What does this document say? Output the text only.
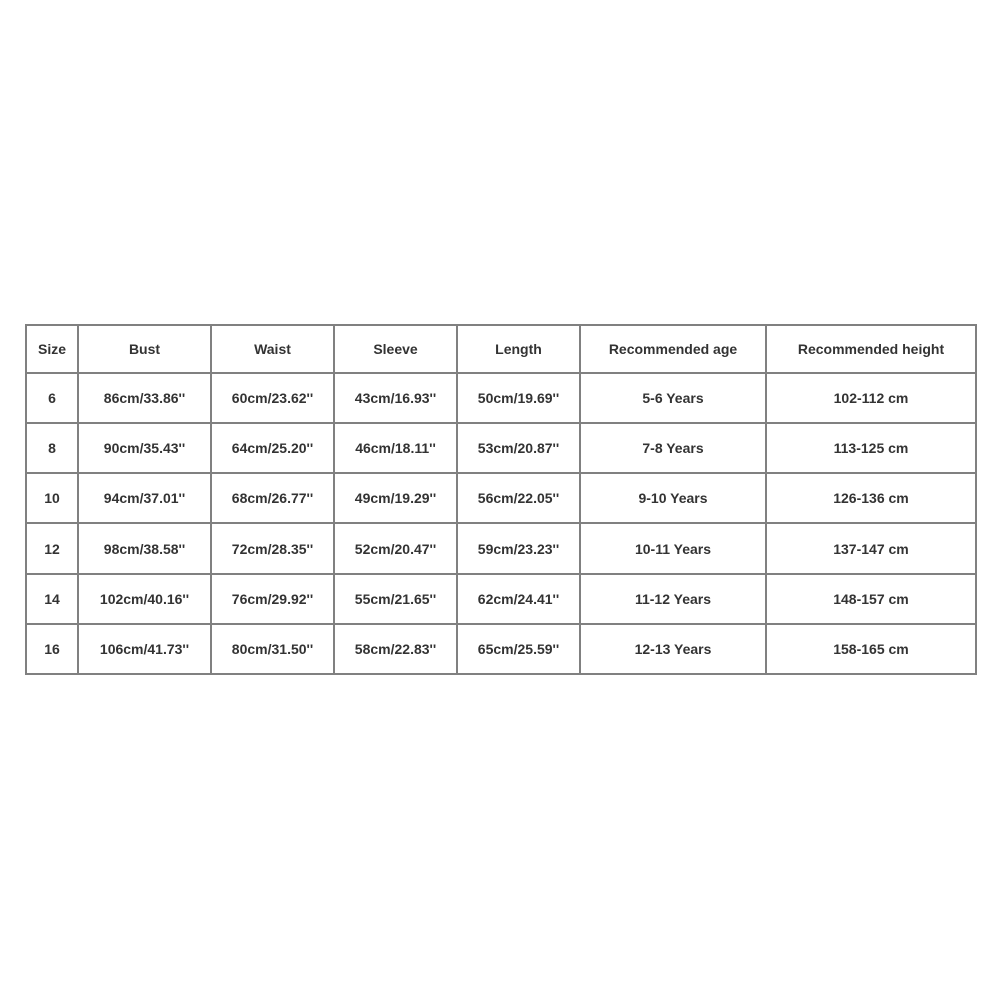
Size	Bust	Waist	Sleeve	Length	Recommended age	Recommended height
6	86cm/33.86''	60cm/23.62''	43cm/16.93''	50cm/19.69''	5-6 Years	102-112 cm
8	90cm/35.43''	64cm/25.20''	46cm/18.11''	53cm/20.87''	7-8 Years	113-125 cm
10	94cm/37.01''	68cm/26.77''	49cm/19.29''	56cm/22.05''	9-10 Years	126-136 cm
12	98cm/38.58''	72cm/28.35''	52cm/20.47''	59cm/23.23''	10-11 Years	137-147 cm
14	102cm/40.16''	76cm/29.92''	55cm/21.65''	62cm/24.41''	11-12 Years	148-157 cm
16	106cm/41.73''	80cm/31.50''	58cm/22.83''	65cm/25.59''	12-13 Years	158-165 cm
